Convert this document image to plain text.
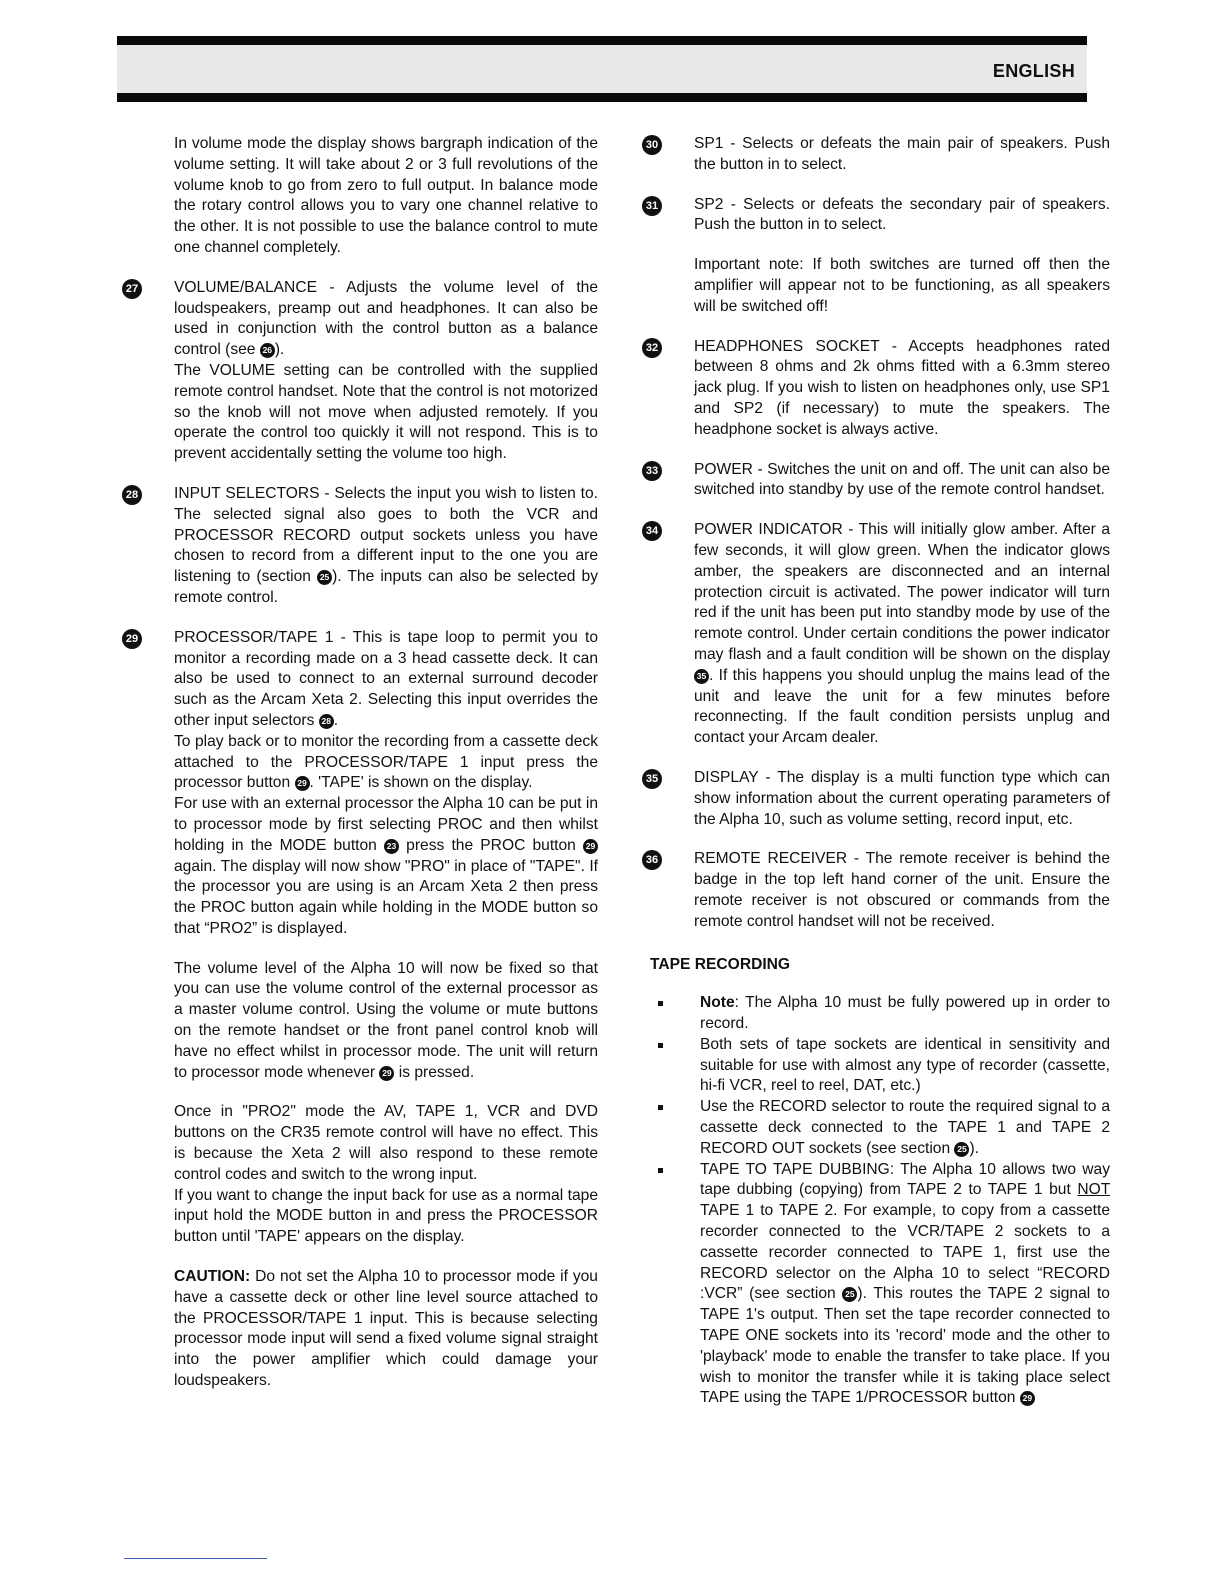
ENGLISH

In volume mode the display shows bargraph indication of the volume setting. It will take about 2 or 3 full revolutions of the volume knob to go from zero to full output. In balance mode the rotary control allows you to vary one channel relative to the other. It is not possible to use the balance control to mute one channel completely.

27 VOLUME/BALANCE - Adjusts the volume level of the loudspeakers, preamp out and headphones. It can also be used in conjunction with the control button as a balance control (see 26 ).

The VOLUME setting can be controlled with the supplied remote control handset. Note that the control is not motorized so the knob will not move when adjusted remotely. If you operate the control too quickly it will not respond. This is to prevent accidentally setting the volume too high.

28 INPUT SELECTORS - Selects the input you wish to listen to. The selected signal also goes to both the VCR and PROCESSOR RECORD output sockets unless you have chosen to record from a different input to the one you are listening to (section 25 ). The inputs can also be selected by remote control.

29 PROCESSOR/TAPE 1 - This is tape loop to permit you to monitor a recording made on a 3 head cassette deck. It can also be used to connect to an external surround decoder such as the Arcam Xeta 2. Selecting this input overrides the other input selectors 28 .

To play back or to monitor the recording from a cassette deck attached to the PROCESSOR/TAPE 1 input press the processor button 29 . 'TAPE' is shown on the display.

For use with an external processor the Alpha 10 can be put in to processor mode by first selecting PROC and then whilst holding in the MODE button 23 press the PROC button 29 again. The display will now show "PRO" in place of "TAPE". If the processor you are using is an Arcam Xeta 2 then press the PROC button again while holding in the MODE button so that “PRO2” is displayed.

The volume level of the Alpha 10 will now be fixed so that you can use the volume control of the external processor as a master volume control. Using the volume or mute buttons on the remote handset or the front panel control knob will have no effect whilst in processor mode. The unit will return to processor mode whenever 29 is pressed.

Once in "PRO2" mode the AV, TAPE 1, VCR and DVD buttons on the CR35 remote control will have no effect. This is because the Xeta 2 will also respond to these remote control codes and switch to the wrong input.

If you want to change the input back for use as a normal tape input hold the MODE button in and press the PROCESSOR button until 'TAPE' appears on the display.

CAUTION: Do not set the Alpha 10 to processor mode if you have a cassette deck or other line level source attached to the PROCESSOR/TAPE 1 input. This is because selecting processor mode input will send a fixed volume signal straight into the power amplifier which could damage your loudspeakers.

30 SP1 - Selects or defeats the main pair of speakers. Push the button in to select.

31 SP2 - Selects or defeats the secondary pair of speakers. Push the button in to select.

Important note: If both switches are turned off then the amplifier will appear not to be functioning, as all speakers will be switched off!

32 HEADPHONES SOCKET - Accepts headphones rated between 8 ohms and 2k ohms fitted with a 6.3mm stereo jack plug. If you wish to listen on headphones only, use SP1 and SP2 (if necessary) to mute the speakers. The headphone socket is always active.

33 POWER - Switches the unit on and off. The unit can also be switched into standby by use of the remote control handset.

34 POWER INDICATOR - This will initially glow amber. After a few seconds, it will glow green. When the indicator glows amber, the speakers are disconnected and an internal protection circuit is activated. The power indicator will turn red if the unit has been put into standby mode by use of the remote control. Under certain conditions the power indicator may flash and a fault condition will be shown on the display 35 . If this happens you should unplug the mains lead of the unit and leave the unit for a few minutes before reconnecting. If the fault condition persists unplug and contact your Arcam dealer.

35 DISPLAY - The display is a multi function type which can show information about the current operating parameters of the Alpha 10, such as volume setting, record input, etc.

36 REMOTE RECEIVER - The remote receiver is behind the badge in the top left hand corner of the unit. Ensure the remote receiver is not obscured or commands from the remote control handset will not be received.

TAPE RECORDING
Note: The Alpha 10 must be fully powered up in order to record.
Both sets of tape sockets are identical in sensitivity and suitable for use with almost any type of recorder (cassette, hi-fi VCR, reel to reel, DAT, etc.)
Use the RECORD selector to route the required signal to a cassette deck connected to the TAPE 1 and TAPE 2 RECORD OUT sockets (see section 25 ).
TAPE TO TAPE DUBBING: The Alpha 10 allows two way tape dubbing (copying) from TAPE 2 to TAPE 1 but NOT TAPE 1 to TAPE 2. For example, to copy from a cassette recorder connected to the VCR/TAPE 2 sockets to a cassette recorder connected to TAPE 1, first use the RECORD selector on the Alpha 10 to select “RECORD :VCR” (see section 25 ). This routes the TAPE 2 signal to TAPE 1's output. Then set the tape recorder connected to TAPE ONE sockets into its 'record' mode and the other to 'playback' mode to enable the transfer to take place. If you wish to monitor the transfer while it is taking place select TAPE using the TAPE 1/PROCESSOR button 29
